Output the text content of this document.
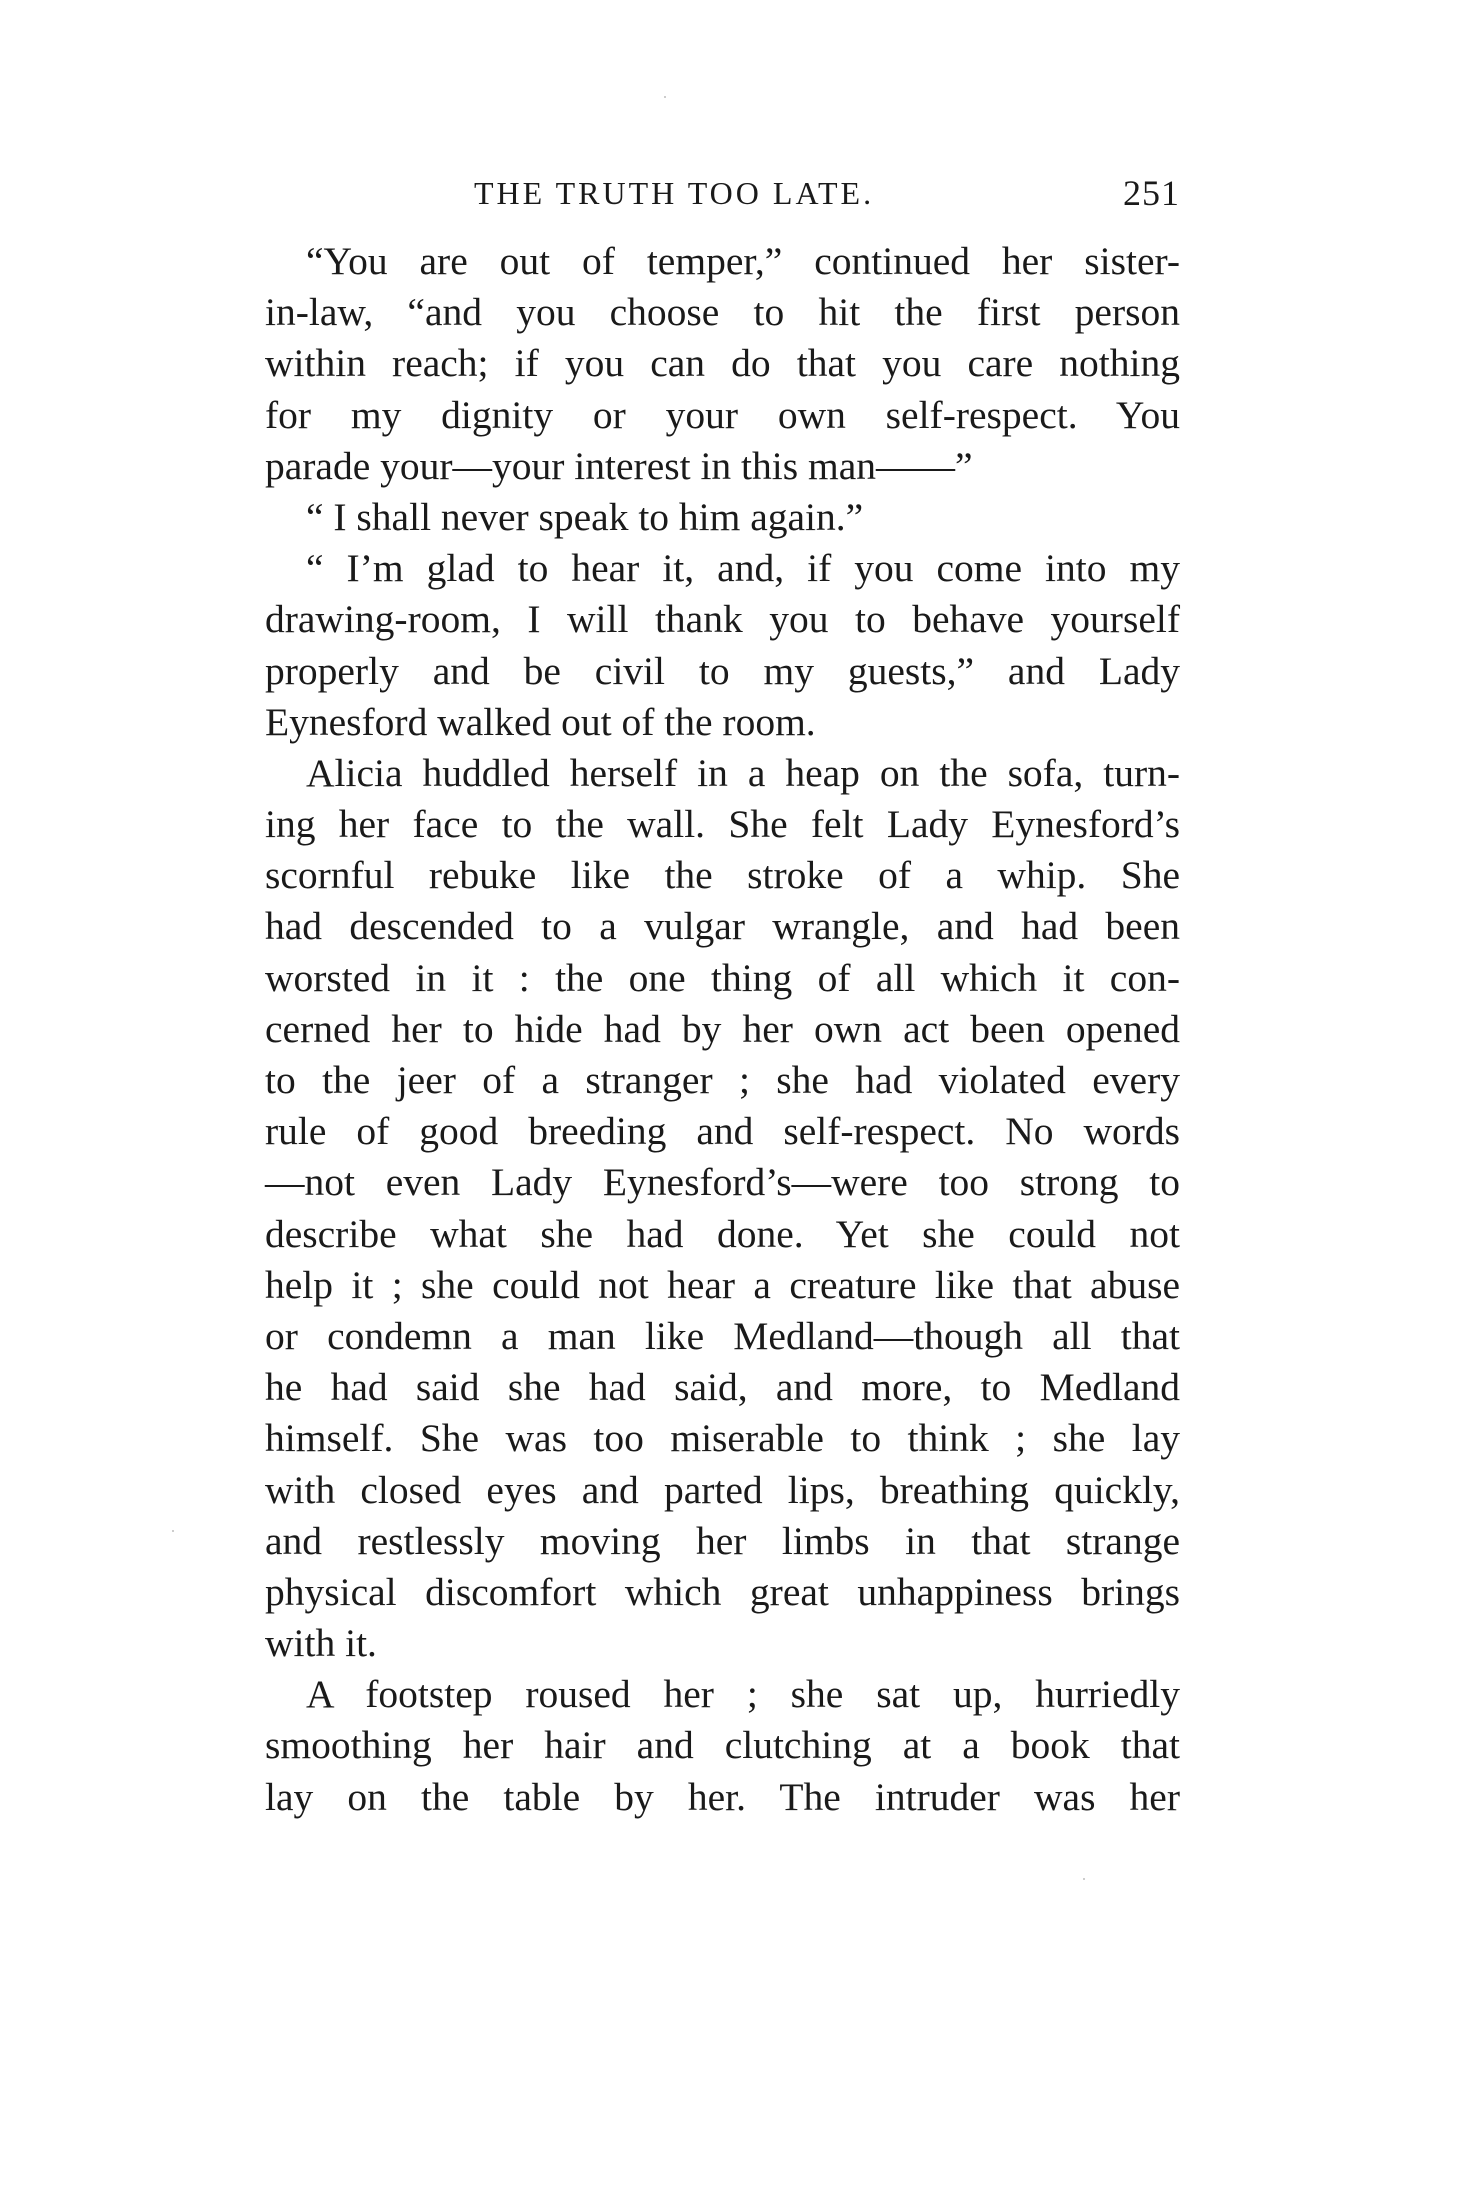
THE TRUTH TOO LATE.	251
“You are out of temper,” continued her sister-
in-law, “and you choose to hit the first person
within reach; if you can do that you care nothing
for my dignity or your own self-respect. You
parade your—your interest in this man——”
“ I shall never speak to him again.”
“ I’m glad to hear it, and, if you come into my
drawing-room, I will thank you to behave yourself
properly and be civil to my guests,” and Lady
Eynesford walked out of the room.
Alicia huddled herself in a heap on the sofa, turn-
ing her face to the wall. She felt Lady Eynesford’s
scornful rebuke like the stroke of a whip. She
had descended to a vulgar wrangle, and had been
worsted in it : the one thing of all which it con-
cerned her to hide had by her own act been opened
to the jeer of a stranger ; she had violated every
rule of good breeding and self-respect. No words
—not even Lady Eynesford’s—were too strong to
describe what she had done. Yet she could not
help it ; she could not hear a creature like that abuse
or condemn a man like Medland—though all that
he had said she had said, and more, to Medland
himself. She was too miserable to think ; she lay
with closed eyes and parted lips, breathing quickly,
and restlessly moving her limbs in that strange
physical discomfort which great unhappiness brings
with it.
A footstep roused her ; she sat up, hurriedly
smoothing her hair and clutching at a book that
lay on the table by her. The intruder was her
